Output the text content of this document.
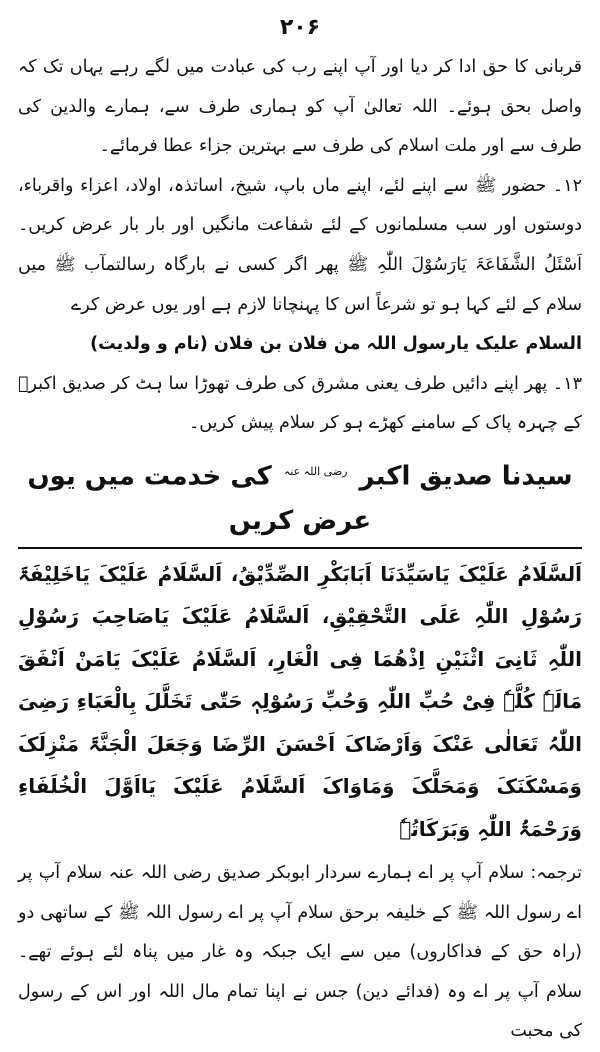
۲۰۶

قربانی کا حق ادا کر دیا اور آپ اپنے رب کی عبادت میں لگے رہے یہاں تک کہ واصل بحق ہوئے۔ اللہ تعالیٰ آپ کو ہماری طرف سے، ہمارے والدین کی طرف سے اور ملت اسلام کی طرف سے بہترین جزاء عطا فرمائے۔

۱۲۔ حضور ﷺ سے اپنے لئے، اپنے ماں باپ، شیخ، اساتذہ، اولاد، اعزاء واقرباء، دوستوں اور سب مسلمانوں کے لئے شفاعت مانگیں اور بار بار عرض کریں۔ اَسْئَلُ الشَّفَاعَۃَ یَارَسُوْلَ اللّٰہِ ﷺ پھر اگر کسی نے بارگاہ رسالتمآب ﷺ میں سلام کے لئے کہا ہو تو شرعاً اس کا پہنچانا لازم ہے اور یوں عرض کرے

السلام علیک یارسول اللہ من فلان بن فلان (نام و ولدیت)

۱۳۔ پھر اپنے دائیں طرف یعنی مشرق کی طرف تھوڑا سا ہٹ کر صدیق اکبرؓ کے چہرہ پاک کے سامنے کھڑے ہو کر سلام پیش کریں۔

سیدنا صدیق اکبر $^{رضی اللہ عنہ}$ کی خدمت میں یوں عرض کریں

اَلسَّلَامُ عَلَیْکَ یَاسَیِّدَنَا اَبَابَکْرِ الصِّدِّیْقُ، اَلسَّلَامُ عَلَیْکَ یَاخَلِیْفَۃَ رَسُوْلِ اللّٰہِ عَلَی التَّحْقِیْقِ، اَلسَّلَامُ عَلَیْکَ یَاصَاحِبَ رَسُوْلِ اللّٰہِ ثَانِیَ اثْنَیْنِ اِذْھُمَا فِی الْغَارِ، اَلسَّلَامُ عَلَیْکَ یَامَنْ اَنْفَقَ مَالَہٗ کُلَّہٗ فِیْ حُبِّ اللّٰہِ وَحُبِّ رَسُوْلِہٖ حَتّٰی تَخَلَّلَ بِالْعَبَاءِ رَضِیَ اللّٰہُ تَعَالٰی عَنْکَ وَاَرْضَاکَ اَحْسَنَ الرِّضَا وَجَعَلَ الْجَنَّۃَ مَنْزِلَکَ وَمَسْکَنَکَ وَمَحَلَّکَ وَمَاوَاکَ اَلسَّلَامُ عَلَیْکَ یَااَوَّلَ الْخُلَفَاءِ وَرَحْمَۃُ اللّٰہِ وَبَرَکَاتُہٗ

ترجمہ: سلام آپ پر اے ہمارے سردار ابوبکر صدیق رضی اللہ عنہ سلام آپ پر اے رسول اللہ ﷺ کے خلیفہ برحق سلام آپ پر اے رسول اللہ ﷺ کے ساتھی دو (راہ حق کے فداکاروں) میں سے ایک جبکہ وہ غار میں پناہ لئے ہوئے تھے۔ سلام آپ پر اے وہ (فدائے دین) جس نے اپنا تمام مال اللہ اور اس کے رسول کی محبت
